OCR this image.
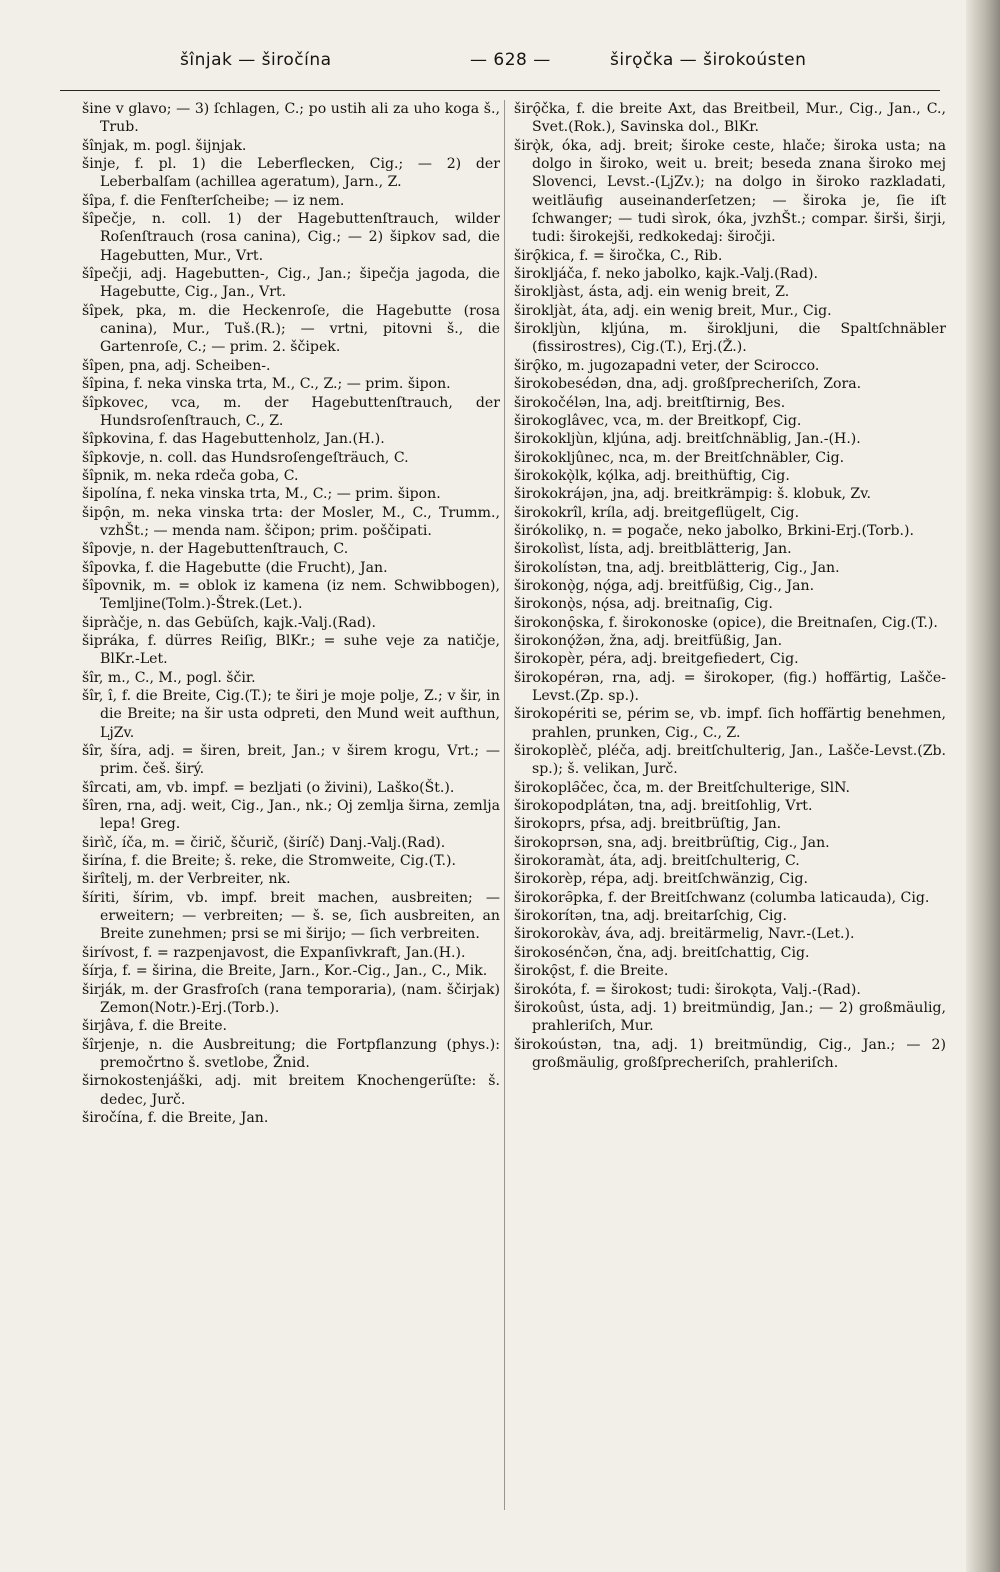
šînjak — širočína	— 628 —	širǫčka — širokoústen

šine v glavo; — 3) ſchlagen, C.; po ustih ali za uho koga š., Trub.

šînjak, m. pogl. šijnjak.

šinje, f. pl. 1) die Leberflecken, Cig.; — 2) der Leberbalſam (achillea ageratum), Jarn., Z.

šîpa, f. die Fenſterſcheibe; — iz nem.

šîpečje, n. coll. 1) der Hagebuttenſtrauch, wilder Roſenſtrauch (rosa canina), Cig.; — 2) šipkov sad, die Hagebutten, Mur., Vrt.

šîpečji, adj. Hagebutten-, Cig., Jan.; šipečja jagoda, die Hagebutte, Cig., Jan., Vrt.

šîpek, pka, m. die Heckenroſe, die Hagebutte (rosa canina), Mur., Tuš.(R.); — vrtni, pitovni š., die Gartenroſe, C.; — prim. 2. ščipek.

šîpen, pna, adj. Scheiben-.

šîpina, f. neka vinska trta, M., C., Z.; — prim. šipon.

šîpkovec, vca, m. der Hagebuttenſtrauch, der Hundsroſenſtrauch, C., Z.

šîpkovina, f. das Hagebuttenholz, Jan.(H.).

šîpkovje, n. coll. das Hundsroſengeſträuch, C.

šîpnik, m. neka rdeča goba, C.

šipolína, f. neka vinska trta, M., C.; — prim. šipon.

šipǫ̑n, m. neka vinska trta: der Mosler, M., C., Trumm., vzhŠt.; — menda nam. ščipon; prim. poščipati.

šîpovje, n. der Hagebuttenſtrauch, C.

šîpovka, f. die Hagebutte (die Frucht), Jan.

šîpovnik, m. = oblok iz kamena (iz nem. Schwibbogen), Temljine(Tolm.)-Štrek.(Let.).

šipràčje, n. das Gebüſch, kajk.-Valj.(Rad).

šipráka, f. dürres Reiſig, BlKr.; = suhe veje za natičje, BlKr.-Let.

šîr, m., C., M., pogl. ščir.

šîr, î, f. die Breite, Cig.(T.); te širi je moje polje, Z.; v šir, in die Breite; na šir usta odpreti, den Mund weit aufthun, LjZv.

šîr, šíra, adj. = širen, breit, Jan.; v širem krogu, Vrt.; — prim. češ. širý.

šîrcati, am, vb. impf. = bezljati (o živini), Laško(Št.).

šîren, rna, adj. weit, Cig., Jan., nk.; Oj zemlja širna, zemlja lepa! Greg.

širìč, íča, m. = čirič, ščurič, (širíč) Danj.-Valj.(Rad).

širína, f. die Breite; š. reke, die Stromweite, Cig.(T.).

širîtelj, m. der Verbreiter, nk.

šíriti, šírim, vb. impf. breit machen, ausbreiten; — erweitern; — verbreiten; — š. se, ſich ausbreiten, an Breite zunehmen; prsi se mi širijo; — ſich verbreiten.

širívost, f. = razpenjavost, die Expanſivkraft, Jan.(H.).

šírja, f. = širina, die Breite, Jarn., Kor.-Cig., Jan., C., Mik.

širják, m. der Grasfroſch (rana temporaria), (nam. ščirjak) Zemon(Notr.)-Erj.(Torb.).

širjâva, f. die Breite.

šîrjenje, n. die Ausbreitung; die Fortpflanzung (phys.): premočrtno š. svetlobe, Žnid.

širnokostenjáški, adj. mit breitem Knochengerüſte: š. dedec, Jurč.

širočína, f. die Breite, Jan.

širǫ̑čka, f. die breite Axt, das Breitbeil, Mur., Cig., Jan., C., Svet.(Rok.), Savinska dol., BlKr.

širǫ̀k, óka, adj. breit; široke ceste, hlače; široka usta; na dolgo in široko, weit u. breit; beseda znana široko mej Slovenci, Levst.-(LjZv.); na dolgo in široko razkladati, weitläufig auseinanderſetzen; — široka je, ſie iſt ſchwanger; — tudi sìrok, óka, jvzhŠt.; compar. širši, širji, tudi: širokejši, redkokedaj: širočji.

širǫ̑kica, f. = širočka, C., Rib.

širokljáča, f. neko jabolko, kajk.-Valj.(Rad).

širokljàst, ásta, adj. ein wenig breit, Z.

širokljàt, áta, adj. ein wenig breit, Mur., Cig.

širokljùn, kljúna, m. širokljuni, die Spaltſchnäbler (fissirostres), Cig.(T.), Erj.(Ž.).

širǫ̑ko, m. jugozapadni veter, der Scirocco.

širokobesédǝn, dna, adj. großſprecheriſch, Zora.

širokočélǝn, lna, adj. breitſtirnig, Bes.

širokoglâvec, vca, m. der Breitkopf, Cig.

širokokljùn, kljúna, adj. breitſchnäblig, Jan.-(H.).

širokokljûnec, nca, m. der Breitſchnäbler, Cig.

širokokǫ̀lk, kǫ́lka, adj. breithüftig, Cig.

širokokrájǝn, jna, adj. breitkrämpig: š. klobuk, Zv.

širokokrîl, kríla, adj. breitgeflügelt, Cig.

širókolikǫ, n. = pogače, neko jabolko, Brkini-Erj.(Torb.).

širokolìst, lísta, adj. breitblätterig, Jan.

širokolístǝn, tna, adj. breitblätterig, Cig., Jan.

širokonǫ̀g, nǫ́ga, adj. breitfüßig, Cig., Jan.

širokonǫ̀s, nǫ́sa, adj. breitnaſig, Cig.

širokonǫ̑ska, f. širokonoske (opice), die Breitnaſen, Cig.(T.).

širokonǫ́žǝn, žna, adj. breitfüßig, Jan.

širokopèr, péra, adj. breitgefiedert, Cig.

širokopérǝn, rna, adj. = širokoper, (fig.) hoffärtig, Lašče-Levst.(Zp. sp.).

širokopériti se, périm se, vb. impf. ſich hoffärtig benehmen, prahlen, prunken, Cig., C., Z.

širokoplèč, pléča, adj. breitſchulterig, Jan., Lašče-Levst.(Zb. sp.); š. velikan, Jurč.

širokoplǝ̑čec, čca, m. der Breitſchulterige, SlN.

širokopodplátǝn, tna, adj. breitſohlig, Vrt.

širokoprs, pŕsa, adj. breitbrüſtig, Jan.

širokoprsǝn, sna, adj. breitbrüſtig, Cig., Jan.

širokoramàt, áta, adj. breitſchulterig, C.

širokorèp, répa, adj. breitſchwänzig, Cig.

širokorǝ̑pka, f. der Breitſchwanz (columba laticauda), Cig.

širokorítǝn, tna, adj. breitarſchig, Cig.

širokorokàv, áva, adj. breitärmelig, Navr.-(Let.).

širokosénčǝn, čna, adj. breitſchattig, Cig.

širokǫ̑st, f. die Breite.

širokóta, f. = širokost; tudi: širokǫta, Valj.-(Rad).

širokoûst, ústa, adj. 1) breitmündig, Jan.; — 2) großmäulig, prahleriſch, Mur.

širokoústǝn, tna, adj. 1) breitmündig, Cig., Jan.; — 2) großmäulig, großſprecheriſch, prahleriſch.
